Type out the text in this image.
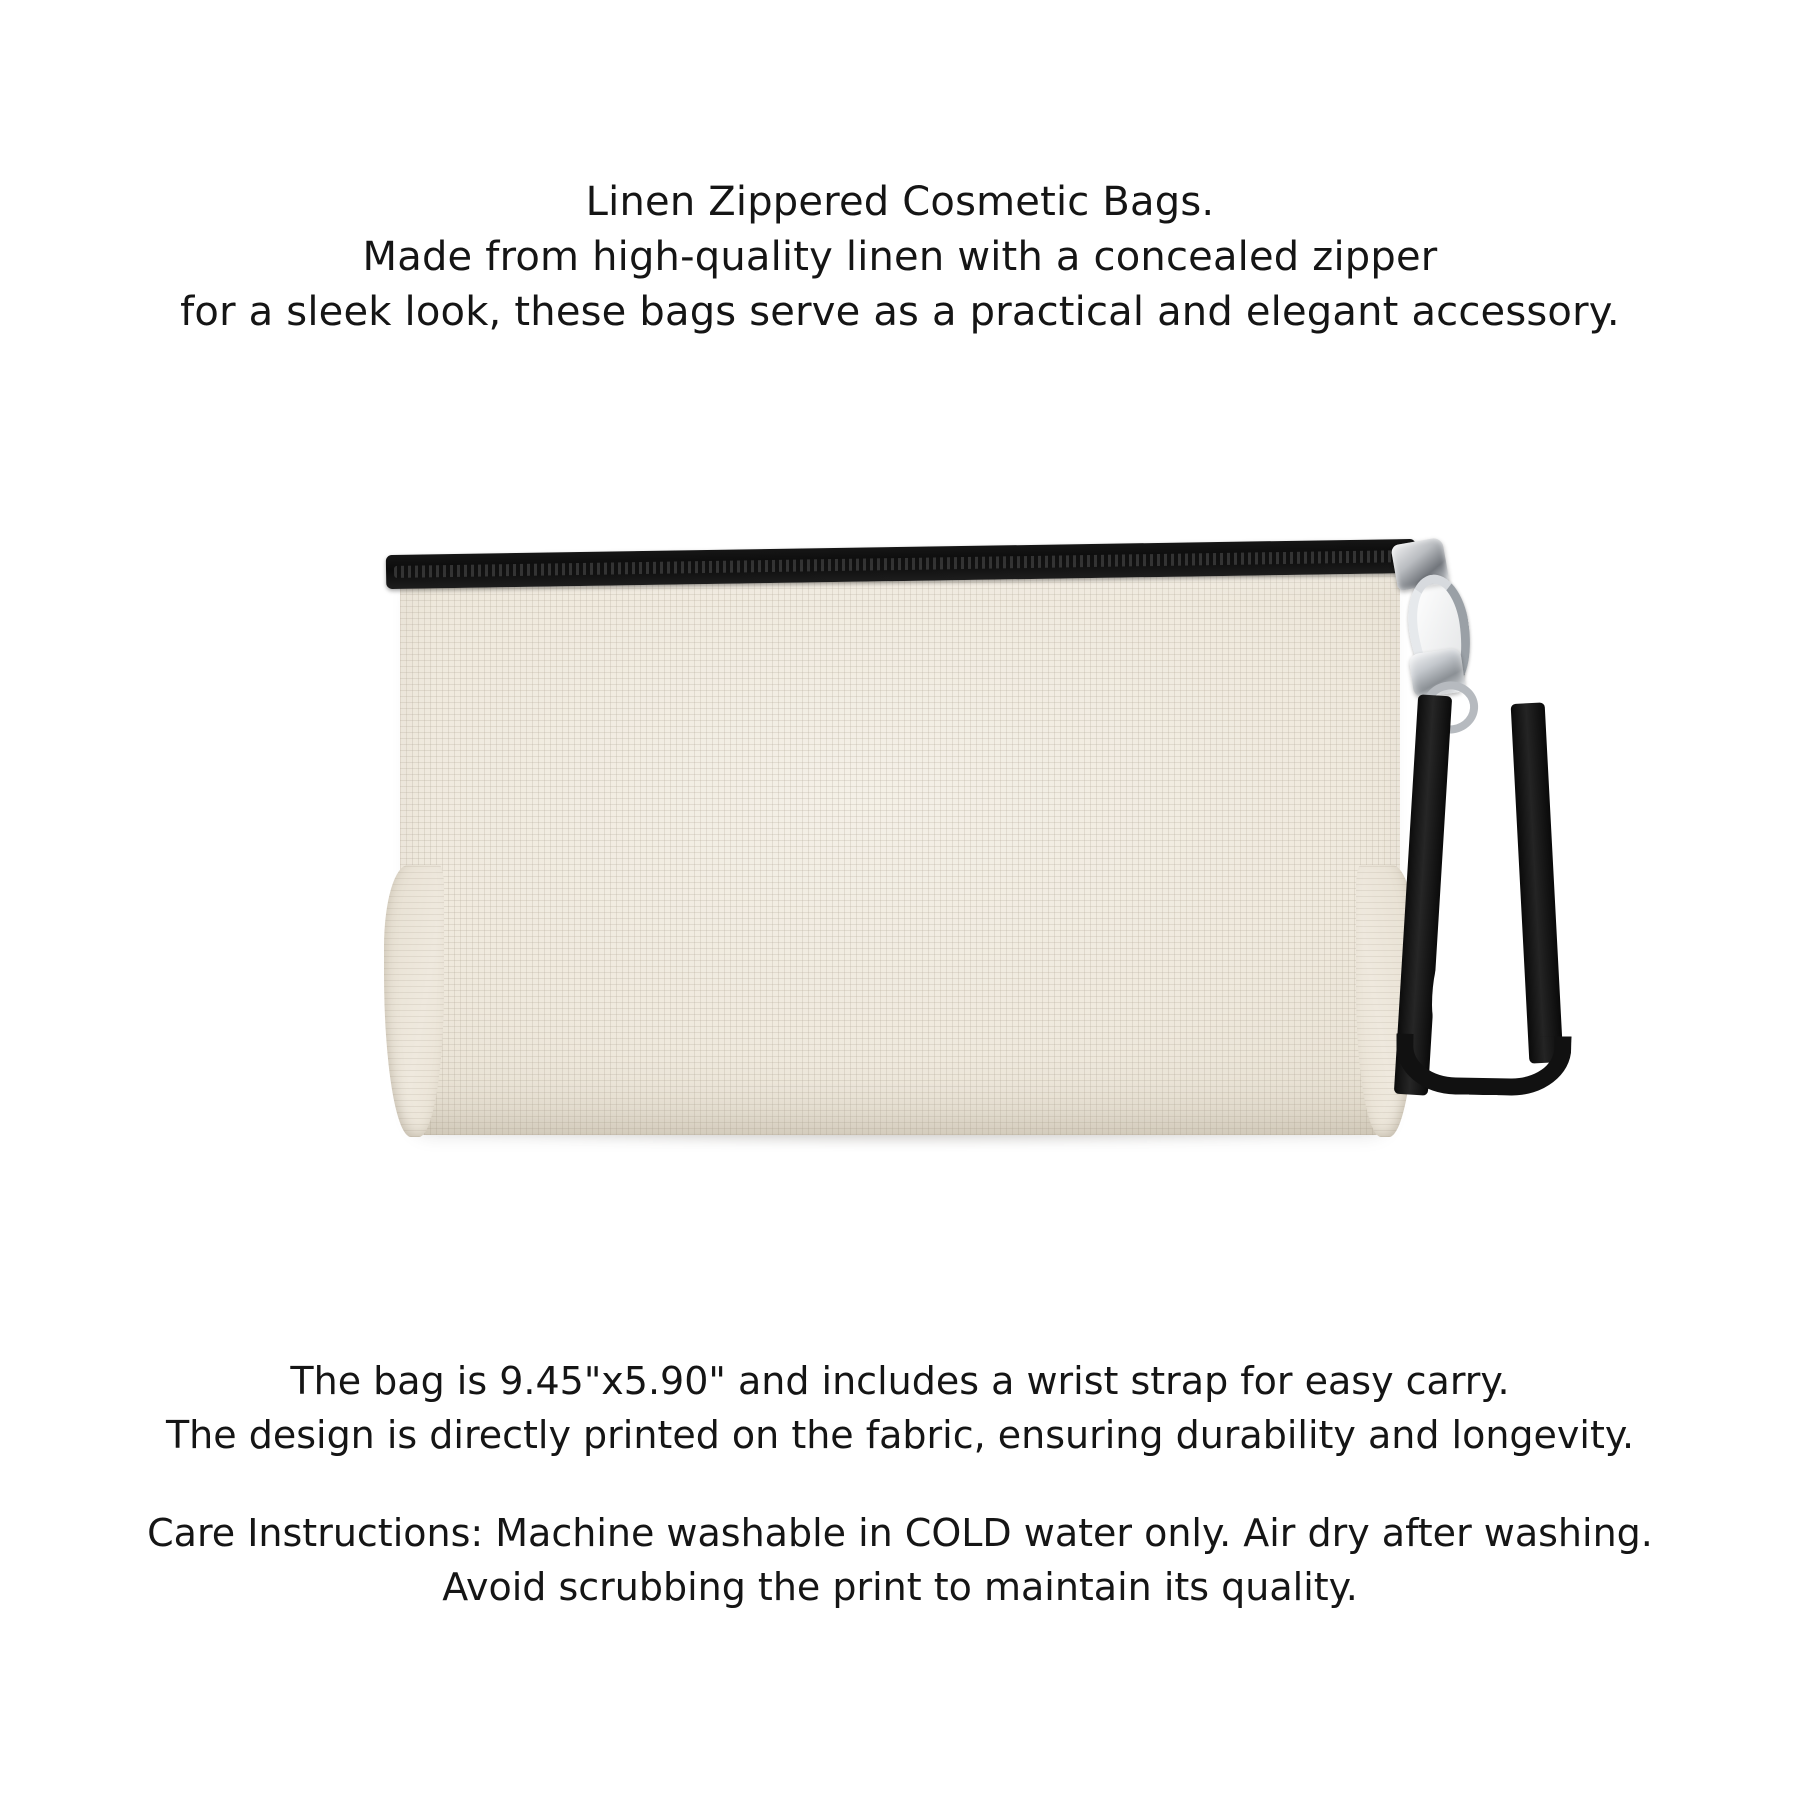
Linen Zippered Cosmetic Bags.
Made from high-quality linen with a concealed zipper
for a sleek look, these bags serve as a practical and elegant accessory.
The bag is 9.45"x5.90" and includes a wrist strap for easy carry.
The design is directly printed on the fabric, ensuring durability and longevity.
Care Instructions: Machine washable in COLD water only. Air dry after washing.
Avoid scrubbing the print to maintain its quality.
